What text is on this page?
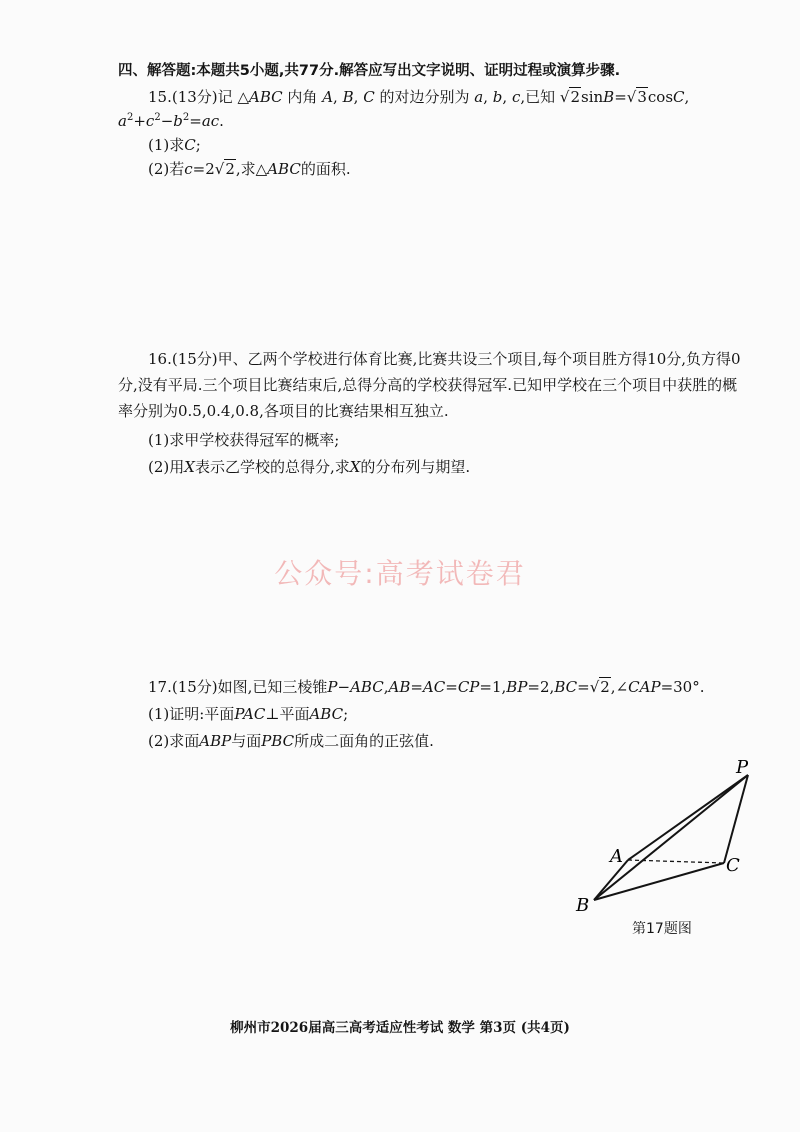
四、解答题:本题共5小题,共77分.解答应写出文字说明、证明过程或演算步骤.
15.(13分)记 △ABC 内角 A, B, C 的对边分别为 a, b, c,已知 √2sinB=√3cosC,
$a^2+c^2-b^2=ac$.
(1)求C;
(2)若c=2√2,求△ABC的面积.
16.(15分)甲、乙两个学校进行体育比赛,比赛共设三个项目,每个项目胜方得10分,负方得0
分,没有平局.三个项目比赛结束后,总得分高的学校获得冠军.已知甲学校在三个项目中获胜的概
率分别为0.5,0.4,0.8,各项目的比赛结果相互独立.
(1)求甲学校获得冠军的概率;
(2)用X表示乙学校的总得分,求X的分布列与期望.
公众号:高考试卷君
17.(15分)如图,已知三棱锥P−ABC,AB=AC=CP=1,BP=2,BC=√2,∠CAP=30°.
(1)证明:平面PAC⊥平面ABC;
(2)求面ABP与面PBC所成二面角的正弦值.
P
A	C
B
第17题图
柳州市2026届高三高考适应性考试 数学 第3页 (共4页)
